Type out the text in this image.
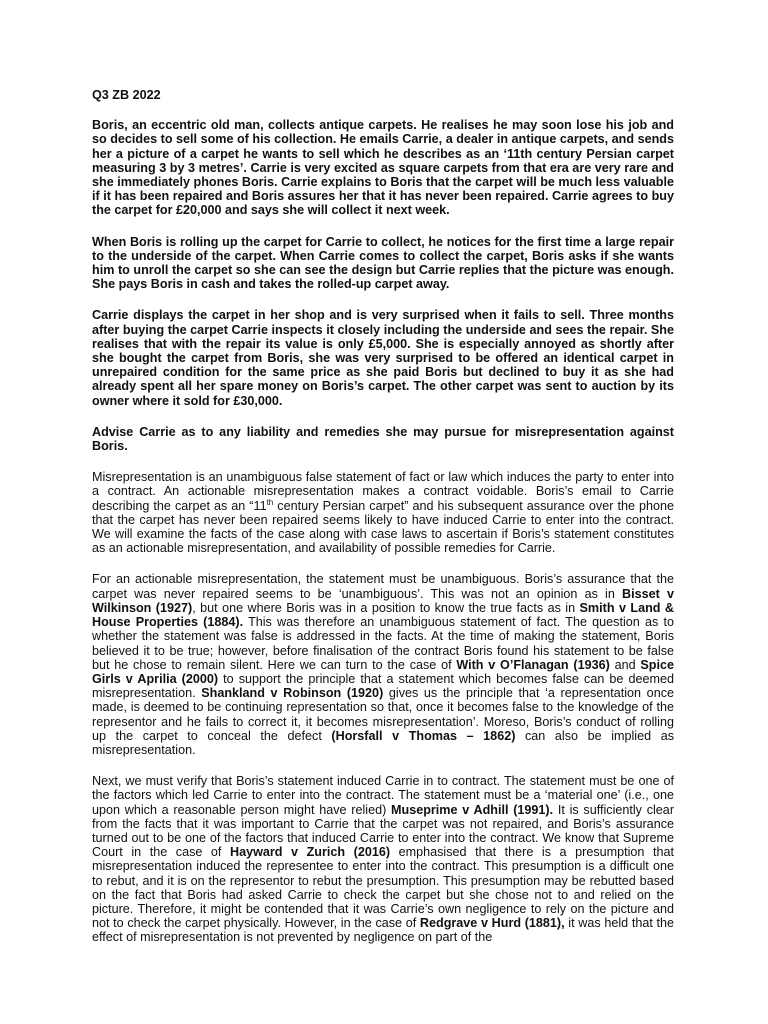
Q3 ZB 2022

Boris, an eccentric old man, collects antique carpets. He realises he may soon lose his job and so decides to sell some of his collection. He emails Carrie, a dealer in antique carpets, and sends her a picture of a carpet he wants to sell which he describes as an ‘11th century Persian carpet measuring 3 by 3 metres’. Carrie is very excited as square carpets from that era are very rare and she immediately phones Boris. Carrie explains to Boris that the carpet will be much less valuable if it has been repaired and Boris assures her that it has never been repaired. Carrie agrees to buy the carpet for £20,000 and says she will collect it next week.

When Boris is rolling up the carpet for Carrie to collect, he notices for the first time a large repair to the underside of the carpet. When Carrie comes to collect the carpet, Boris asks if she wants him to unroll the carpet so she can see the design but Carrie replies that the picture was enough. She pays Boris in cash and takes the rolled-up carpet away.

Carrie displays the carpet in her shop and is very surprised when it fails to sell. Three months after buying the carpet Carrie inspects it closely including the underside and sees the repair. She realises that with the repair its value is only £5,000. She is especially annoyed as shortly after she bought the carpet from Boris, she was very surprised to be offered an identical carpet in unrepaired condition for the same price as she paid Boris but declined to buy it as she had already spent all her spare money on Boris’s carpet. The other carpet was sent to auction by its owner where it sold for £30,000.

Advise Carrie as to any liability and remedies she may pursue for misrepresentation against Boris.

Misrepresentation is an unambiguous false statement of fact or law which induces the party to enter into a contract. An actionable misrepresentation makes a contract voidable. Boris’s email to Carrie describing the carpet as an “11th century Persian carpet” and his subsequent assurance over the phone that the carpet has never been repaired seems likely to have induced Carrie to enter into the contract. We will examine the facts of the case along with case laws to ascertain if Boris’s statement constitutes as an actionable misrepresentation, and availability of possible remedies for Carrie.

For an actionable misrepresentation, the statement must be unambiguous. Boris’s assurance that the carpet was never repaired seems to be ‘unambiguous’. This was not an opinion as in Bisset v Wilkinson (1927), but one where Boris was in a position to know the true facts as in Smith v Land & House Properties (1884). This was therefore an unambiguous statement of fact. The question as to whether the statement was false is addressed in the facts. At the time of making the statement, Boris believed it to be true; however, before finalisation of the contract Boris found his statement to be false but he chose to remain silent. Here we can turn to the case of With v O’Flanagan (1936) and Spice Girls v Aprilia (2000) to support the principle that a statement which becomes false can be deemed misrepresentation. Shankland v Robinson (1920) gives us the principle that ‘a representation once made, is deemed to be continuing representation so that, once it becomes false to the knowledge of the representor and he fails to correct it, it becomes misrepresentation’. Moreso, Boris’s conduct of rolling up the carpet to conceal the defect (Horsfall v Thomas – 1862) can also be implied as misrepresentation.

Next, we must verify that Boris’s statement induced Carrie in to contract. The statement must be one of the factors which led Carrie to enter into the contract. The statement must be a ‘material one’ (i.e., one upon which a reasonable person might have relied) Museprime v Adhill (1991). It is sufficiently clear from the facts that it was important to Carrie that the carpet was not repaired, and Boris’s assurance turned out to be one of the factors that induced Carrie to enter into the contract. We know that Supreme Court in the case of Hayward v Zurich (2016) emphasised that there is a presumption that misrepresentation induced the representee to enter into the contract. This presumption is a difficult one to rebut, and it is on the representor to rebut the presumption. This presumption may be rebutted based on the fact that Boris had asked Carrie to check the carpet but she chose not to and relied on the picture. Therefore, it might be contended that it was Carrie’s own negligence to rely on the picture and not to check the carpet physically. However, in the case of Redgrave v Hurd (1881), it was held that the effect of misrepresentation is not prevented by negligence on part of the
